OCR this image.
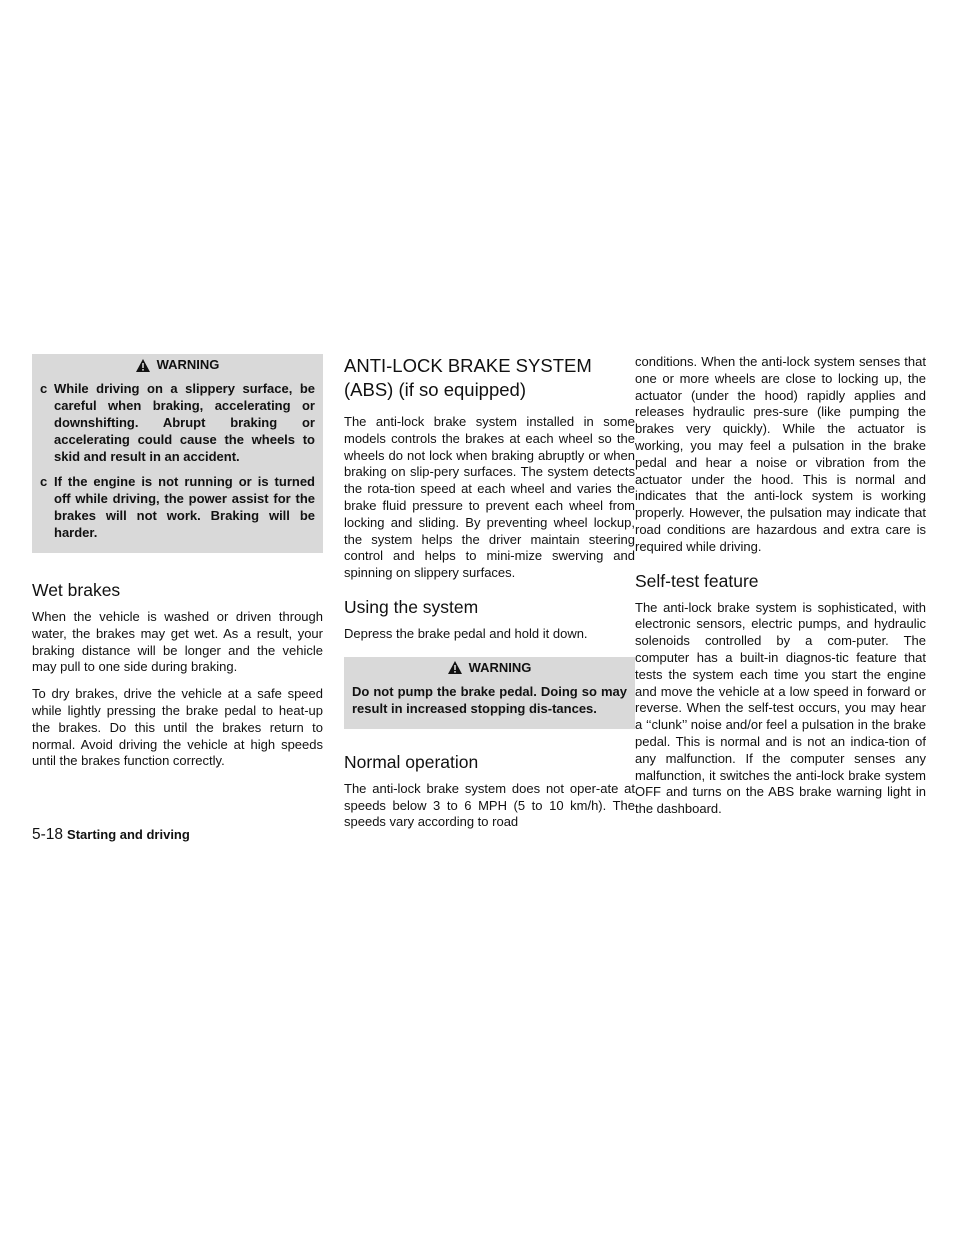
WARNING
c While driving on a slippery surface, be careful when braking, accelerating or downshifting. Abrupt braking or accelerating could cause the wheels to skid and result in an accident.
c If the engine is not running or is turned off while driving, the power assist for the brakes will not work. Braking will be harder.
Wet brakes

When the vehicle is washed or driven through water, the brakes may get wet. As a result, your braking distance will be longer and the vehicle may pull to one side during braking.

To dry brakes, drive the vehicle at a safe speed while lightly pressing the brake pedal to heat-up the brakes. Do this until the brakes return to normal. Avoid driving the vehicle at high speeds until the brakes function correctly.

ANTI-LOCK BRAKE SYSTEM
(ABS) (if so equipped)

The anti-lock brake system installed in some models controls the brakes at each wheel so the wheels do not lock when braking abruptly or when braking on slip-pery surfaces. The system detects the rota-tion speed at each wheel and varies the brake fluid pressure to prevent each wheel from locking and sliding. By preventing wheel lockup, the system helps the driver maintain steering control and helps to mini-mize swerving and spinning on slippery surfaces.

Using the system

Depress the brake pedal and hold it down.

WARNING
Do not pump the brake pedal. Doing so may result in increased stopping dis-tances.
Normal operation

The anti-lock brake system does not oper-ate at speeds below 3 to 6 MPH (5 to 10 km/h). The speeds vary according to road

conditions. When the anti-lock system senses that one or more wheels are close to locking up, the actuator (under the hood) rapidly applies and releases hydraulic pres-sure (like pumping the brakes very quickly). While the actuator is working, you may feel a pulsation in the brake pedal and hear a noise or vibration from the actuator under the hood. This is normal and indicates that the anti-lock system is working properly. However, the pulsation may indicate that road conditions are hazardous and extra care is required while driving.

Self-test feature

The anti-lock brake system is sophisticated, with electronic sensors, electric pumps, and hydraulic solenoids controlled by a com-puter. The computer has a built-in diagnos-tic feature that tests the system each time you start the engine and move the vehicle at a low speed in forward or reverse. When the self-test occurs, you may hear a ‘‘clunk’’ noise and/or feel a pulsation in the brake pedal. This is normal and is not an indica-tion of any malfunction. If the computer senses any malfunction, it switches the anti-lock brake system OFF and turns on the ABS brake warning light in the dashboard.

5-18 Starting and driving
